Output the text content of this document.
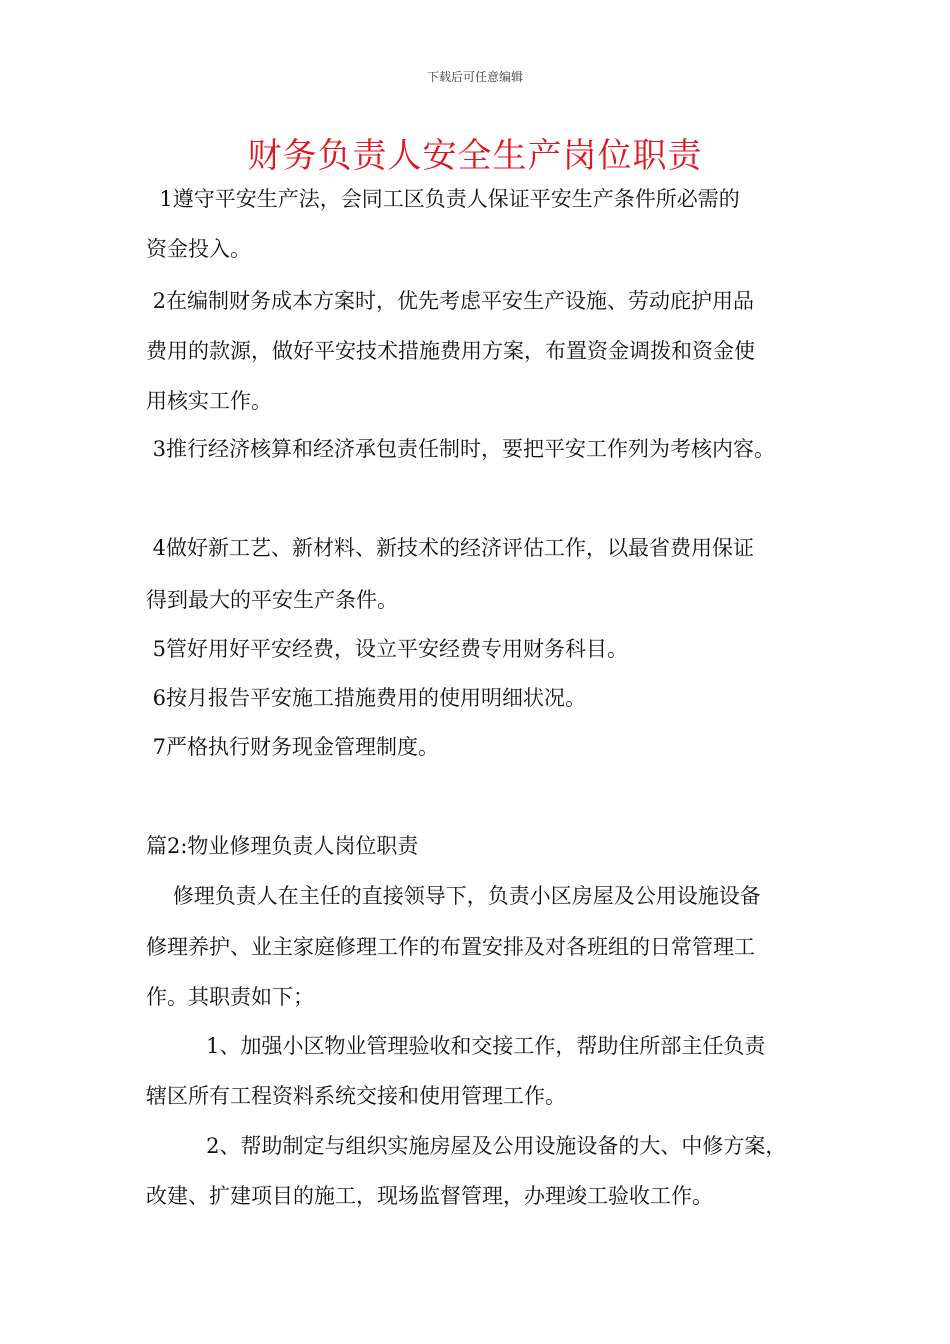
下载后可任意编辑
财务负责人安全生产岗位职责
1遵守平安生产法，会同工区负责人保证平安生产条件所必需的
资金投入。
2在编制财务成本方案时，优先考虑平安生产设施、劳动庇护用品
费用的款源，做好平安技术措施费用方案，布置资金调拨和资金使
用核实工作。
3推行经济核算和经济承包责任制时，要把平安工作列为考核内容。
4做好新工艺、新材料、新技术的经济评估工作，以最省费用保证
得到最大的平安生产条件。
5管好用好平安经费，设立平安经费专用财务科目。
6按月报告平安施工措施费用的使用明细状况。
7严格执行财务现金管理制度。
篇2:物业修理负责人岗位职责
修理负责人在主任的直接领导下，负责小区房屋及公用设施设备
修理养护、业主家庭修理工作的布置安排及对各班组的日常管理工
作。其职责如下；
1、加强小区物业管理验收和交接工作，帮助住所部主任负责
辖区所有工程资料系统交接和使用管理工作。
2、帮助制定与组织实施房屋及公用设施设备的大、中修方案，
改建、扩建项目的施工，现场监督管理，办理竣工验收工作。
